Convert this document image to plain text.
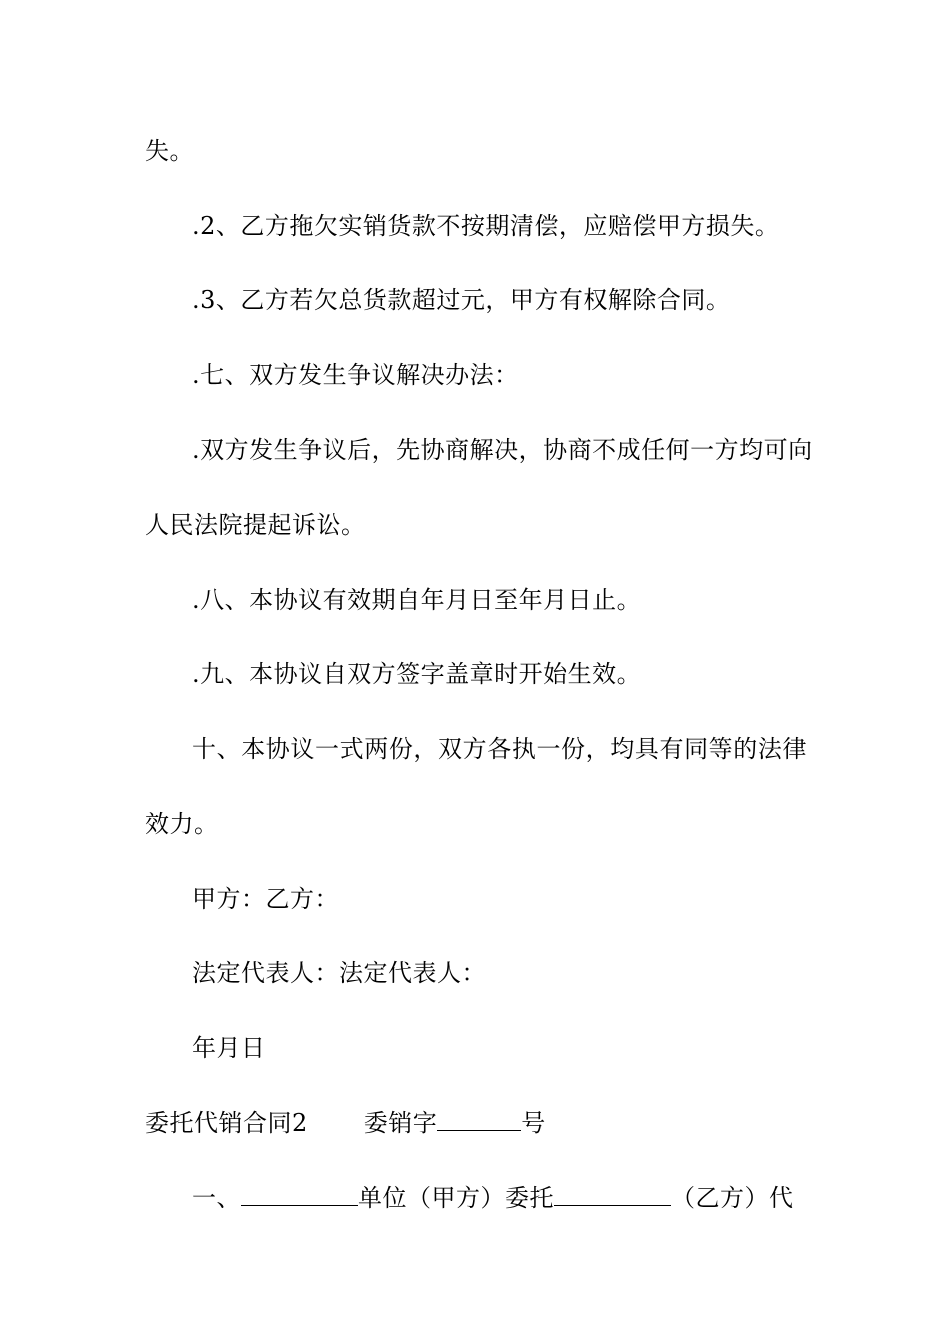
失。
.2、乙方拖欠实销货款不按期清偿，应赔偿甲方损失。
.3、乙方若欠总货款超过元，甲方有权解除合同。
.七、双方发生争议解决办法：
.双方发生争议后，先协商解决，协商不成任何一方均可向
人民法院提起诉讼。
.八、本协议有效期自年月日至年月日止。
.九、本协议自双方签字盖章时开始生效。
十、本协议一式两份，双方各执一份，均具有同等的法律
效力。
甲方：乙方：
法定代表人：法定代表人：
年月日
委托代销合同2 委销字	号
一、	单位（甲方）委托	（乙方）代
